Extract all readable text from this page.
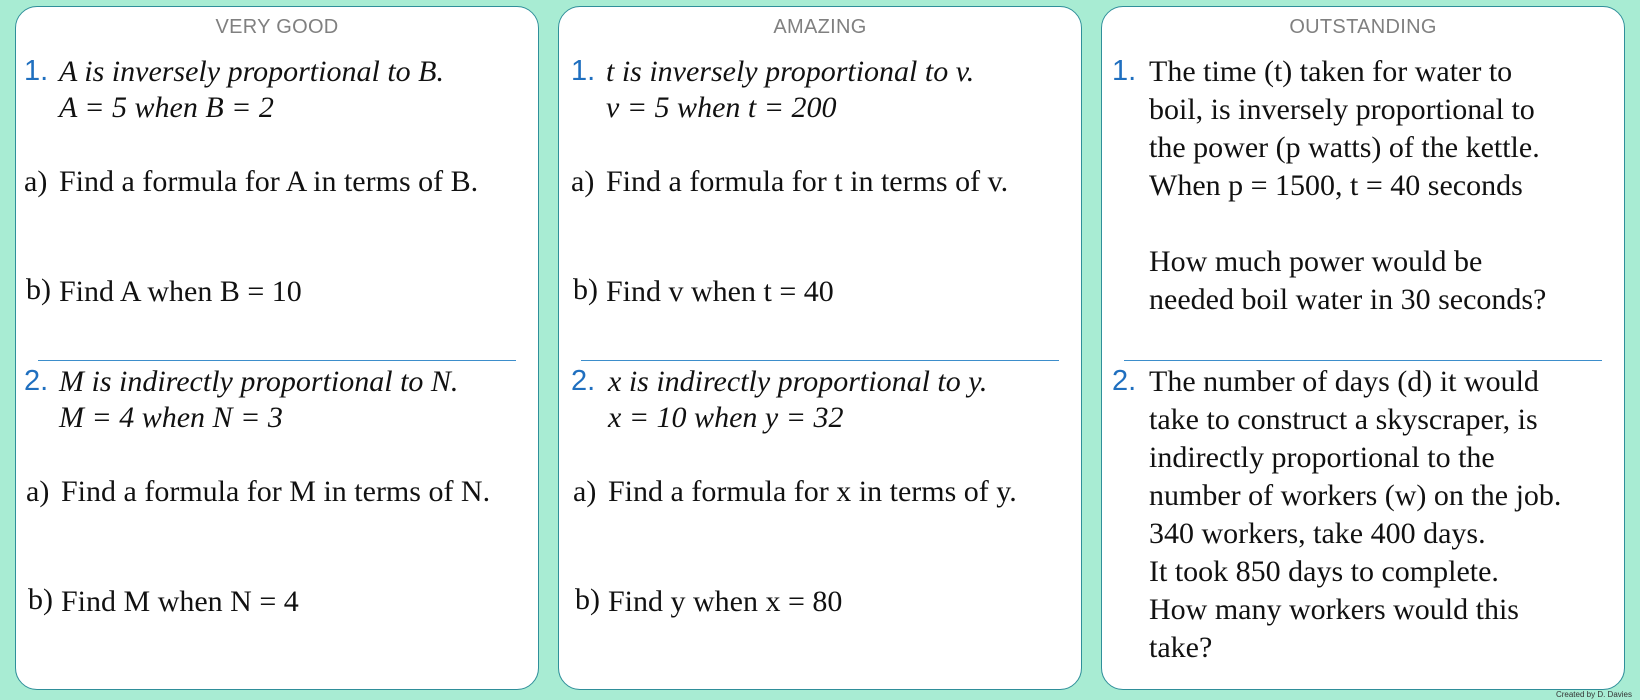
VERY GOOD
1. A is inversely proportional to B.
A = 5 when B = 2
a) Find a formula for A in terms of B.
b) Find A when B = 10
2. M is indirectly proportional to N.
M = 4 when N = 3
a) Find a formula for M in terms of N.
b) Find M when N = 4
AMAZING
1. t is inversely proportional to v.
v = 5 when t = 200
a) Find a formula for t in terms of v.
b) Find v when t = 40
2. x is indirectly proportional to y.
x = 10 when y = 32
a) Find a formula for x in terms of y.
b) Find y when x = 80
OUTSTANDING
1. The time (t) taken for water to
boil, is inversely proportional to
the power (p watts) of the kettle.
When p = 1500, t = 40 seconds
How much power would be
needed boil water in 30 seconds?
2. The number of days (d) it would
take to construct a skyscraper, is
indirectly proportional to the
number of workers (w) on the job.
340 workers, take 400 days.
It took 850 days to complete.
How many workers would this
take?
Created by D. Davies
